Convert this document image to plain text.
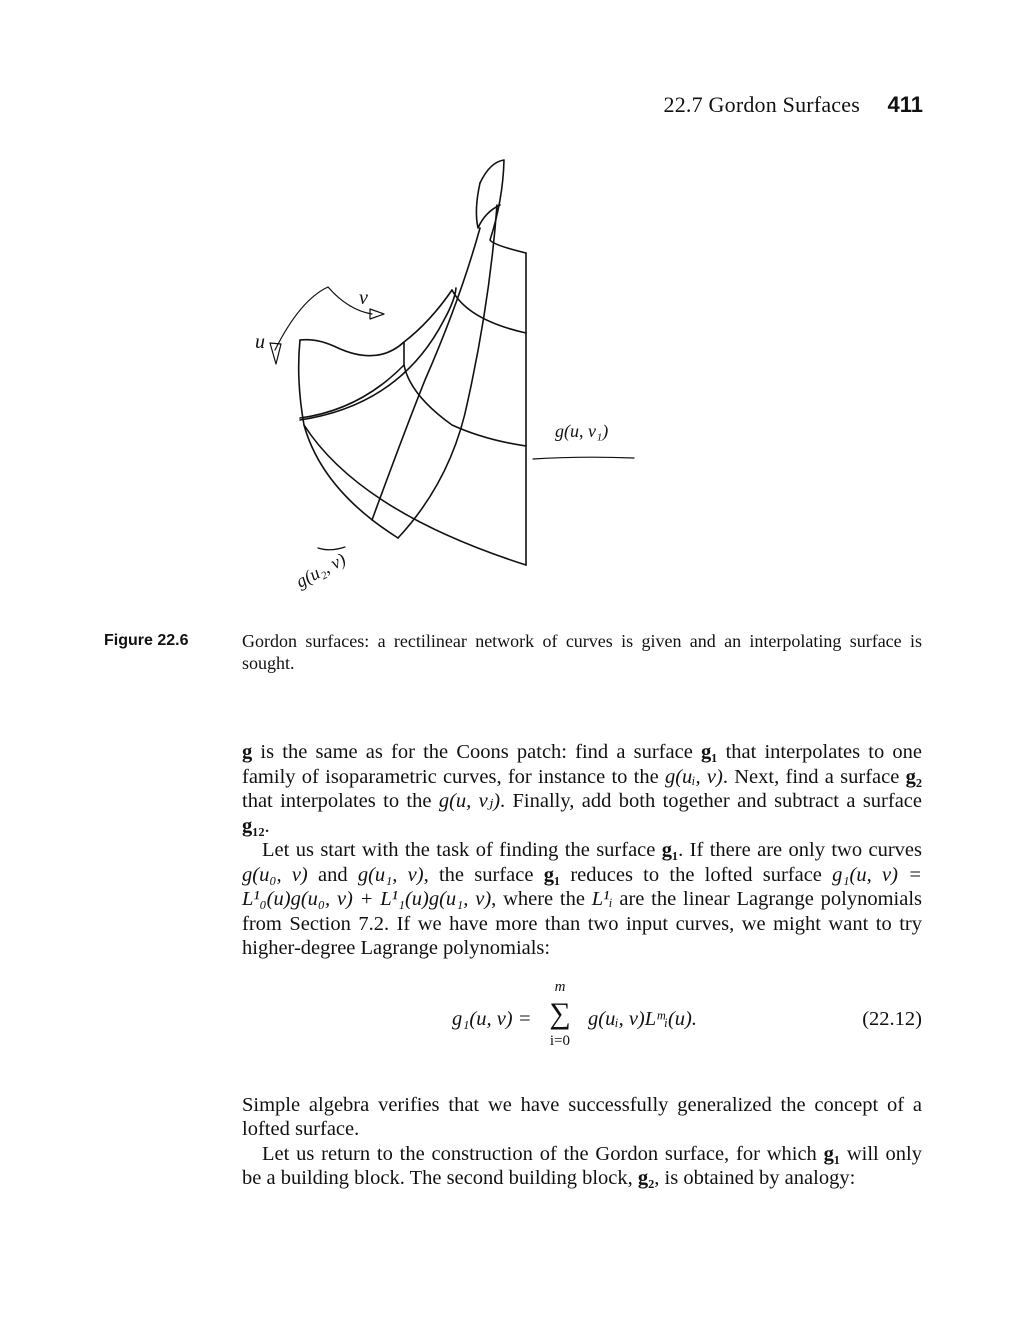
22.7 Gordon Surfaces 411
u
v
g(u, v₁)
g(u₂, v)
Figure 22.6	Gordon surfaces: a rectilinear network of curves is given and an interpolating surface is sought.

g is the same as for the Coons patch: find a surface g₁ that interpolates to one family of isoparametric curves, for instance to the g(uᵢ, v). Next, find a surface g₂ that interpolates to the g(u, vⱼ). Finally, add both together and subtract a surface g₁₂.

Let us start with the task of finding the surface g₁. If there are only two curves g(u₀, v) and g(u₁, v), the surface g₁ reduces to the lofted surface g₁(u, v) = L¹₀(u)g(u₀, v) + L¹₁(u)g(u₁, v), where the L¹ᵢ are the linear Lagrange polynomials from Section 7.2. If we have more than two input curves, we might want to try higher-degree Lagrange polynomials:

g₁(u, v) =
m
∑
i=0
g(uᵢ, v)Lᵐᵢ(u).	(22.12)

Simple algebra verifies that we have successfully generalized the concept of a lofted surface.

Let us return to the construction of the Gordon surface, for which g₁ will only be a building block. The second building block, g₂, is obtained by analogy:
